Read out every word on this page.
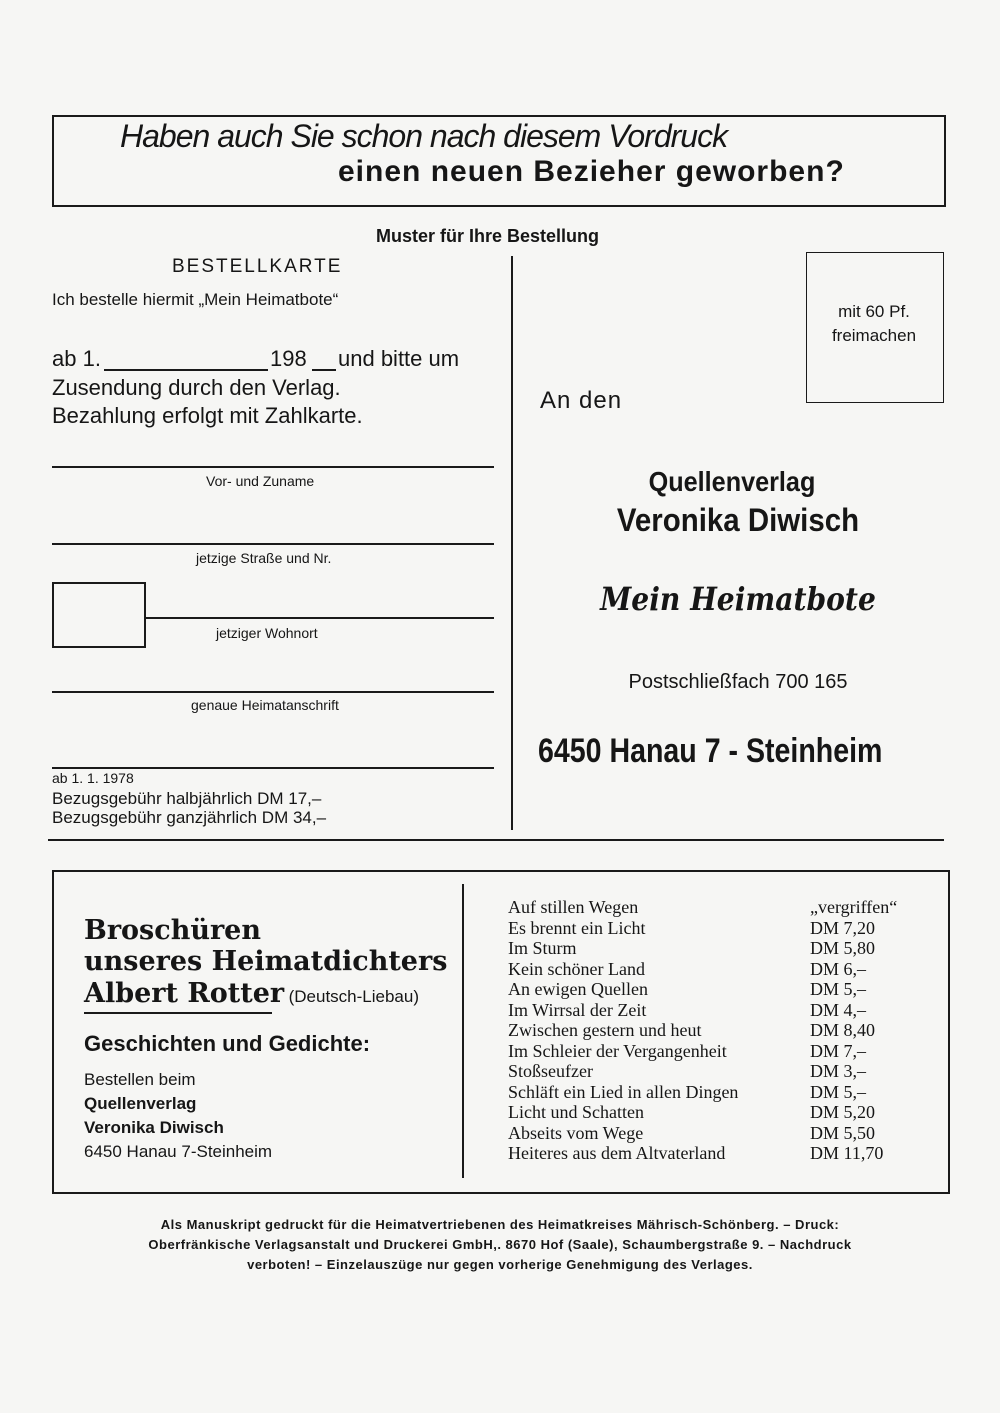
Haben auch Sie schon nach diesem Vordruck
einen neuen Bezieher geworben?
Muster für Ihre Bestellung
BESTELLKARTE
Ich bestelle hiermit „Mein Heimatbote“
ab 1.	198 und bitte um
Zusendung durch den Verlag.
Bezahlung erfolgt mit Zahlkarte.
Vor- und Zuname
jetzige Straße und Nr.
jetziger Wohnort
genaue Heimatanschrift
ab 1. 1. 1978
Bezugsgebühr halbjährlich DM 17,–
Bezugsgebühr ganzjährlich DM 34,–
mit 60 Pf.
freimachen
An den
Quellenverlag
Veronika Diwisch
Mein Heimatbote
Postschließfach 700 165
6450 Hanau 7 - Steinheim
Broschüren
unseres Heimatdichters
Albert Rotter (Deutsch-Liebau)
Geschichten und Gedichte:
Bestellen beim
Quellenverlag
Veronika Diwisch
6450 Hanau 7-Steinheim
Auf stillen Wegen	„vergriffen“
Es brennt ein Licht	DM 7,20
Im Sturm	DM 5,80
Kein schöner Land	DM 6,–
An ewigen Quellen	DM 5,–
Im Wirrsal der Zeit	DM 4,–
Zwischen gestern und heut	DM 8,40
Im Schleier der Vergangenheit	DM 7,–
Stoßseufzer	DM 3,–
Schläft ein Lied in allen Dingen	DM 5,–
Licht und Schatten	DM 5,20
Abseits vom Wege	DM 5,50
Heiteres aus dem Altvaterland	DM 11,70
Als Manuskript gedruckt für die Heimatvertriebenen des Heimatkreises Mährisch-Schönberg. – Druck:
Oberfränkische Verlagsanstalt und Druckerei GmbH,. 8670 Hof (Saale), Schaumbergstraße 9. – Nachdruck
verboten! – Einzelauszüge nur gegen vorherige Genehmigung des Verlages.
